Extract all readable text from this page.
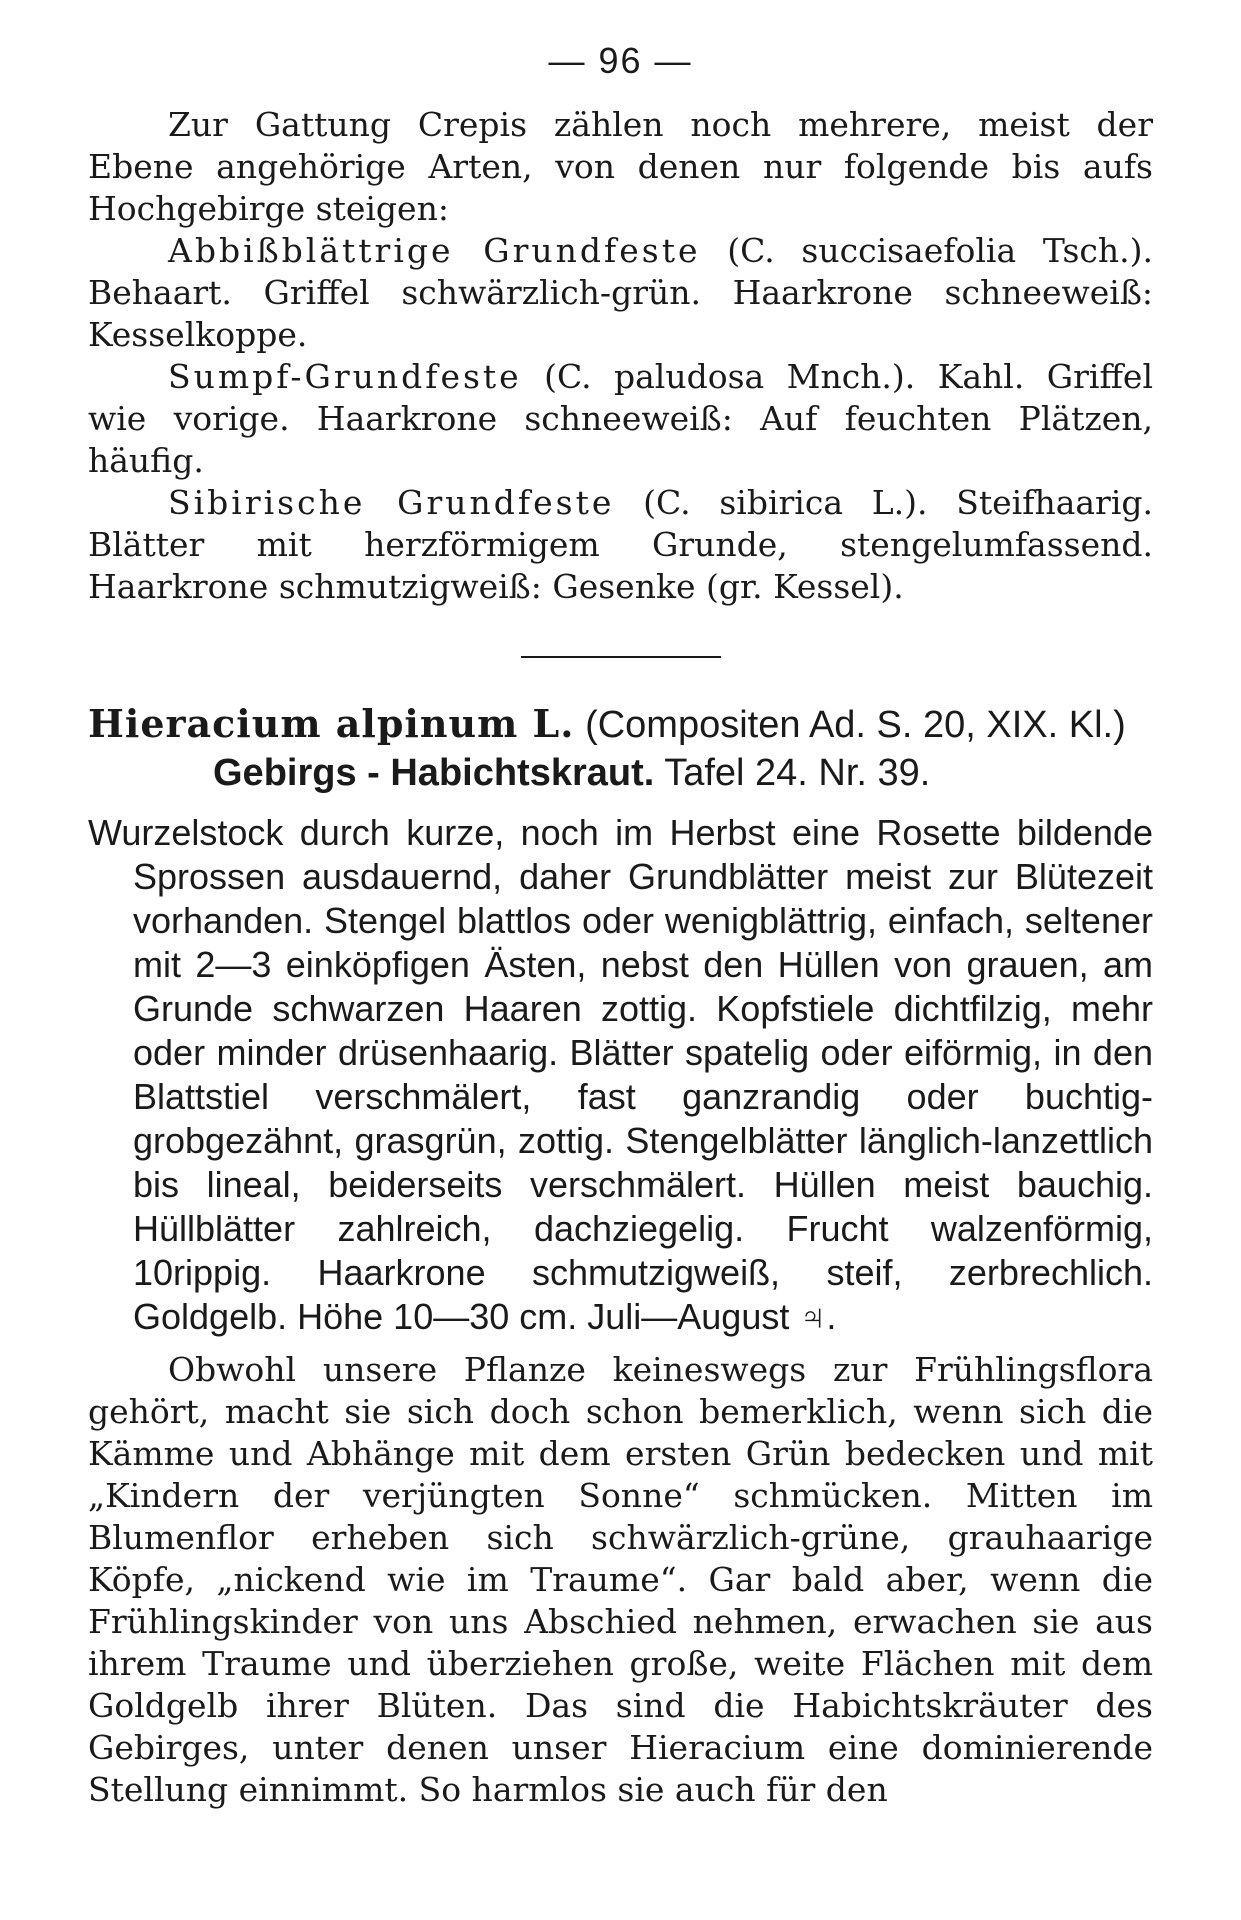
— 96 —

Zur Gattung Crepis zählen noch mehrere, meist der Ebene angehörige Arten, von denen nur folgende bis aufs Hochgebirge steigen:

Abbißblättrige Grundfeste (C. succisaefolia Tsch.). Behaart. Griffel schwärzlich-grün. Haarkrone schneeweiß: Kesselkoppe.

Sumpf-Grundfeste (C. paludosa Mnch.). Kahl. Griffel wie vorige. Haarkrone schneeweiß: Auf feuchten Plätzen, häufig.

Sibirische Grundfeste (C. sibirica L.). Steifhaarig. Blätter mit herzförmigem Grunde, stengelumfassend. Haarkrone schmutzigweiß: Gesenke (gr. Kessel).

Hieracium alpinum L. (Compositen Ad. S. 20, XIX. Kl.) Gebirgs - Habichtskraut. Tafel 24. Nr. 39.
Wurzelstock durch kurze, noch im Herbst eine Rosette bildende Sprossen ausdauernd, daher Grundblätter meist zur Blütezeit vorhanden. Stengel blattlos oder wenigblättrig, einfach, seltener mit 2—3 einköpfigen Ästen, nebst den Hüllen von grauen, am Grunde schwarzen Haaren zottig. Kopfstiele dichtfilzig, mehr oder minder drüsenhaarig. Blätter spatelig oder eiförmig, in den Blattstiel verschmälert, fast ganzrandig oder buchtig-grobgezähnt, grasgrün, zottig. Stengelblätter länglich-lanzettlich bis lineal, beiderseits verschmälert. Hüllen meist bauchig. Hüllblätter zahlreich, dachziegelig. Frucht walzenförmig, 10rippig. Haarkrone schmutzigweiß, steif, zerbrechlich. Goldgelb. Höhe 10—30 cm. Juli—August ♃.

Obwohl unsere Pflanze keineswegs zur Frühlingsflora gehört, macht sie sich doch schon bemerklich, wenn sich die Kämme und Abhänge mit dem ersten Grün bedecken und mit „Kindern der verjüngten Sonne“ schmücken. Mitten im Blumenflor erheben sich schwärzlich-grüne, grauhaarige Köpfe, „nickend wie im Traume“. Gar bald aber, wenn die Frühlingskinder von uns Abschied nehmen, erwachen sie aus ihrem Traume und überziehen große, weite Flächen mit dem Goldgelb ihrer Blüten. Das sind die Habichtskräuter des Gebirges, unter denen unser Hieracium eine dominierende Stellung einnimmt. So harmlos sie auch für den
